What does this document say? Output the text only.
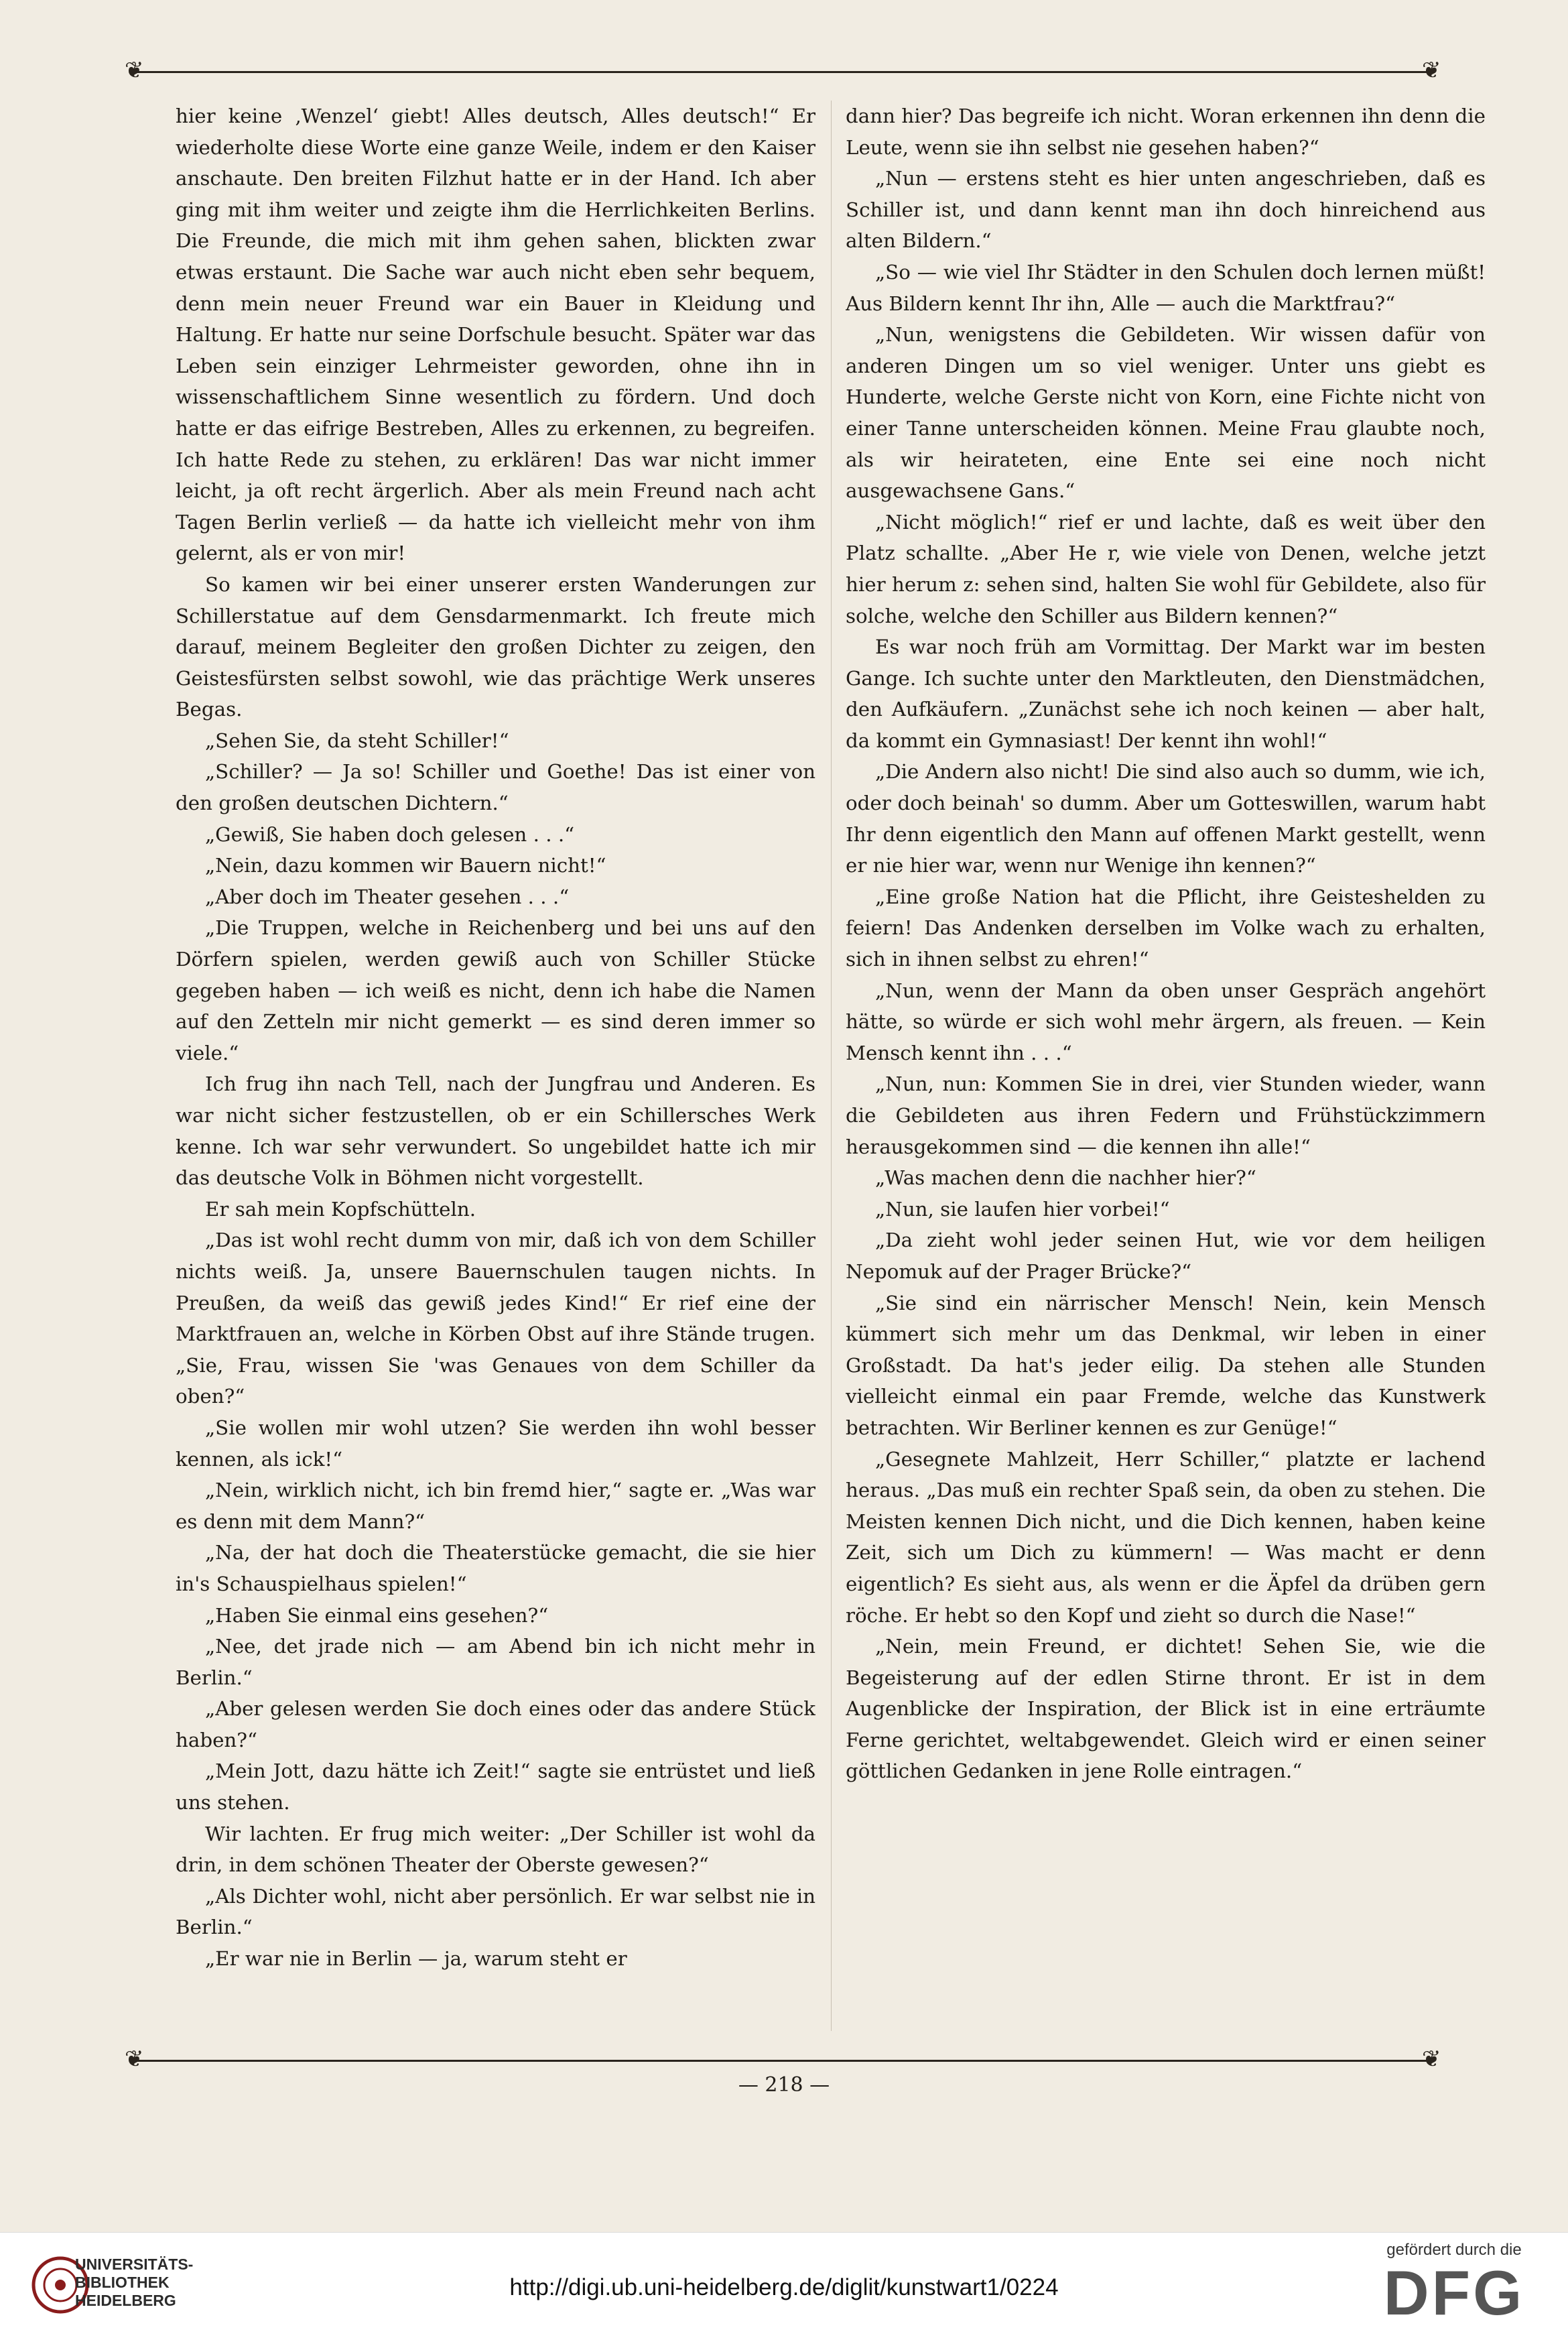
❦	❦

hier keine ‚Wenzel‘ giebt! Alles deutsch, Alles deutsch!“ Er wiederholte diese Worte eine ganze Weile, indem er den Kaiser anschaute. Den breiten Filzhut hatte er in der Hand. Ich aber ging mit ihm weiter und zeigte ihm die Herrlichkeiten Berlins. Die Freunde, die mich mit ihm gehen sahen, blickten zwar etwas erstaunt. Die Sache war auch nicht eben sehr bequem, denn mein neuer Freund war ein Bauer in Kleidung und Haltung. Er hatte nur seine Dorfschule besucht. Später war das Leben sein einziger Lehrmeister geworden, ohne ihn in wissenschaftlichem Sinne wesentlich zu fördern. Und doch hatte er das eifrige Bestreben, Alles zu erkennen, zu begreifen. Ich hatte Rede zu stehen, zu erklären! Das war nicht immer leicht, ja oft recht ärgerlich. Aber als mein Freund nach acht Tagen Berlin verließ — da hatte ich vielleicht mehr von ihm gelernt, als er von mir!

So kamen wir bei einer unserer ersten Wanderungen zur Schillerstatue auf dem Gensdarmenmarkt. Ich freute mich darauf, meinem Begleiter den großen Dichter zu zeigen, den Geistesfürsten selbst sowohl, wie das prächtige Werk unseres Begas.

„Sehen Sie, da steht Schiller!“

„Schiller? — Ja so! Schiller und Goethe! Das ist einer von den großen deutschen Dichtern.“

„Gewiß, Sie haben doch gelesen . . .“

„Nein, dazu kommen wir Bauern nicht!“

„Aber doch im Theater gesehen . . .“

„Die Truppen, welche in Reichenberg und bei uns auf den Dörfern spielen, werden gewiß auch von Schiller Stücke gegeben haben — ich weiß es nicht, denn ich habe die Namen auf den Zetteln mir nicht gemerkt — es sind deren immer so viele.“

Ich frug ihn nach Tell, nach der Jungfrau und Anderen. Es war nicht sicher festzustellen, ob er ein Schillersches Werk kenne. Ich war sehr verwundert. So ungebildet hatte ich mir das deutsche Volk in Böhmen nicht vorgestellt.

Er sah mein Kopfschütteln.

„Das ist wohl recht dumm von mir, daß ich von dem Schiller nichts weiß. Ja, unsere Bauernschulen taugen nichts. In Preußen, da weiß das gewiß jedes Kind!“ Er rief eine der Marktfrauen an, welche in Körben Obst auf ihre Stände trugen. „Sie, Frau, wissen Sie 'was Genaues von dem Schiller da oben?“

„Sie wollen mir wohl utzen? Sie werden ihn wohl besser kennen, als ick!“

„Nein, wirklich nicht, ich bin fremd hier,“ sagte er. „Was war es denn mit dem Mann?“

„Na, der hat doch die Theaterstücke gemacht, die sie hier in's Schauspielhaus spielen!“

„Haben Sie einmal eins gesehen?“

„Nee, det jrade nich — am Abend bin ich nicht mehr in Berlin.“

„Aber gelesen werden Sie doch eines oder das andere Stück haben?“

„Mein Jott, dazu hätte ich Zeit!“ sagte sie entrüstet und ließ uns stehen.

Wir lachten. Er frug mich weiter: „Der Schiller ist wohl da drin, in dem schönen Theater der Oberste gewesen?“

„Als Dichter wohl, nicht aber persönlich. Er war selbst nie in Berlin.“

„Er war nie in Berlin — ja, warum steht er

dann hier? Das begreife ich nicht. Woran erkennen ihn denn die Leute, wenn sie ihn selbst nie gesehen haben?“

„Nun — erstens steht es hier unten angeschrieben, daß es Schiller ist, und dann kennt man ihn doch hinreichend aus alten Bildern.“

„So — wie viel Ihr Städter in den Schulen doch lernen müßt! Aus Bildern kennt Ihr ihn, Alle — auch die Marktfrau?“

„Nun, wenigstens die Gebildeten. Wir wissen dafür von anderen Dingen um so viel weniger. Unter uns giebt es Hunderte, welche Gerste nicht von Korn, eine Fichte nicht von einer Tanne unterscheiden können. Meine Frau glaubte noch, als wir heirateten, eine Ente sei eine noch nicht ausgewachsene Gans.“

„Nicht möglich!“ rief er und lachte, daß es weit über den Platz schallte. „Aber He r, wie viele von Denen, welche jetzt hier herum z: sehen sind, halten Sie wohl für Gebildete, also für solche, welche den Schiller aus Bildern kennen?“

Es war noch früh am Vormittag. Der Markt war im besten Gange. Ich suchte unter den Marktleuten, den Dienstmädchen, den Aufkäufern. „Zunächst sehe ich noch keinen — aber halt, da kommt ein Gymnasiast! Der kennt ihn wohl!“

„Die Andern also nicht! Die sind also auch so dumm, wie ich, oder doch beinah' so dumm. Aber um Gotteswillen, warum habt Ihr denn eigentlich den Mann auf offenen Markt gestellt, wenn er nie hier war, wenn nur Wenige ihn kennen?“

„Eine große Nation hat die Pflicht, ihre Geisteshelden zu feiern! Das Andenken derselben im Volke wach zu erhalten, sich in ihnen selbst zu ehren!“

„Nun, wenn der Mann da oben unser Gespräch angehört hätte, so würde er sich wohl mehr ärgern, als freuen. — Kein Mensch kennt ihn . . .“

„Nun, nun: Kommen Sie in drei, vier Stunden wieder, wann die Gebildeten aus ihren Federn und Frühstückzimmern herausgekommen sind — die kennen ihn alle!“

„Was machen denn die nachher hier?“

„Nun, sie laufen hier vorbei!“

„Da zieht wohl jeder seinen Hut, wie vor dem heiligen Nepomuk auf der Prager Brücke?“

„Sie sind ein närrischer Mensch! Nein, kein Mensch kümmert sich mehr um das Denkmal, wir leben in einer Großstadt. Da hat's jeder eilig. Da stehen alle Stunden vielleicht einmal ein paar Fremde, welche das Kunstwerk betrachten. Wir Berliner kennen es zur Genüge!“

„Gesegnete Mahlzeit, Herr Schiller,“ platzte er lachend heraus. „Das muß ein rechter Spaß sein, da oben zu stehen. Die Meisten kennen Dich nicht, und die Dich kennen, haben keine Zeit, sich um Dich zu kümmern! — Was macht er denn eigentlich? Es sieht aus, als wenn er die Äpfel da drüben gern röche. Er hebt so den Kopf und zieht so durch die Nase!“

„Nein, mein Freund, er dichtet! Sehen Sie, wie die Begeisterung auf der edlen Stirne thront. Er ist in dem Augenblicke der Inspiration, der Blick ist in eine erträumte Ferne gerichtet, weltabgewendet. Gleich wird er einen seiner göttlichen Gedanken in jene Rolle eintragen.“

❦	❦
— 218 —
UNIVERSITÄTS-
BIBLIOTHEK
HEIDELBERG	http://digi.ub.uni-heidelberg.de/diglit/kunstwart1/0224
gefördert durch die
DFG
